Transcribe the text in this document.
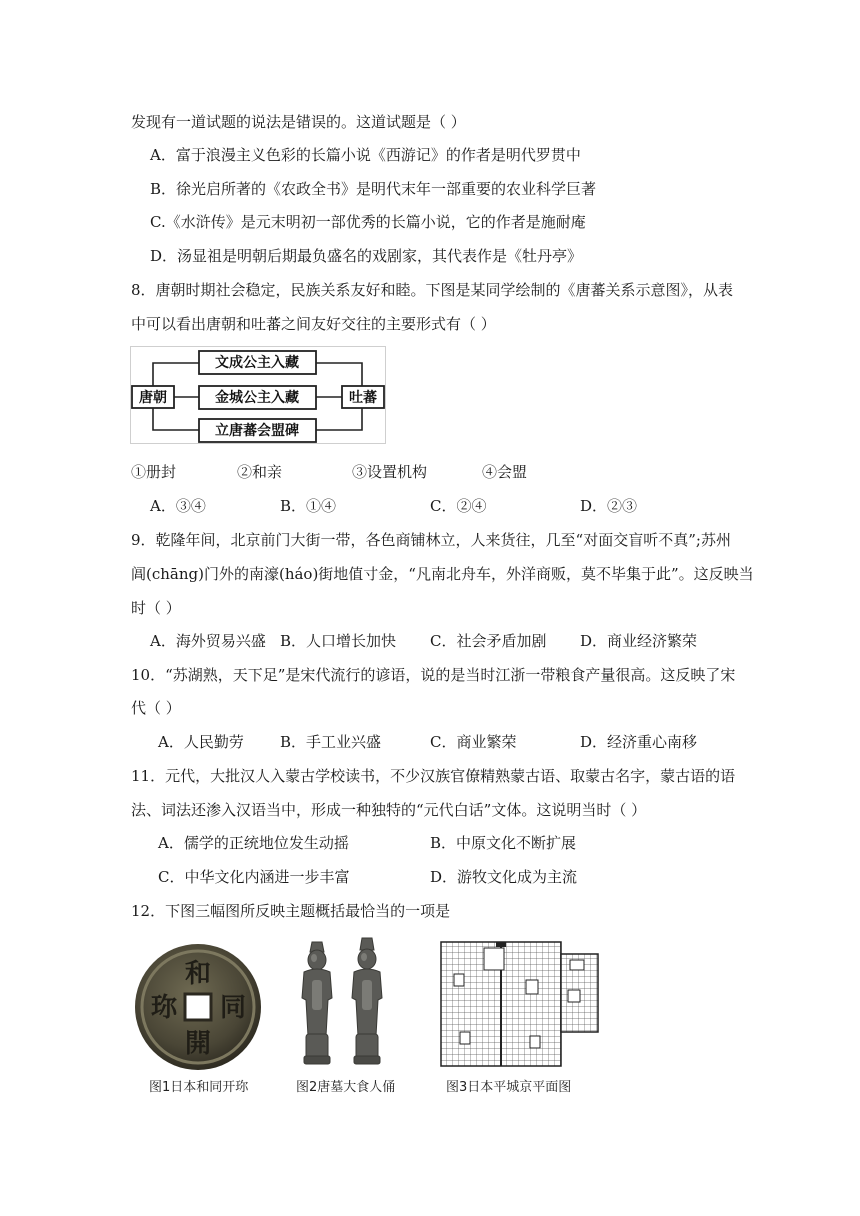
发现有一道试题的说法是错误的。这道试题是（ ）
A．富于浪漫主义色彩的长篇小说《西游记》的作者是明代罗贯中
B．徐光启所著的《农政全书》是明代末年一部重要的农业科学巨著
C.《水浒传》是元末明初一部优秀的长篇小说，它的作者是施耐庵
D．汤显祖是明朝后期最负盛名的戏剧家，其代表作是《牡丹亭》
8．唐朝时期社会稳定，民族关系友好和睦。下图是某同学绘制的《唐蕃关系示意图》，从表
中可以看出唐朝和吐蕃之间友好交往的主要形式有（ ）
唐朝	吐蕃
文成公主入藏
金城公主入藏
立唐蕃会盟碑
①册封	②和亲	③设置机构	④会盟
A．③④	B．①④	C．②④	D．②③
9．乾隆年间，北京前门大街一带，各色商铺林立，人来货往，几至“对面交盲听不真”;苏州
阊(chāng)门外的南濠(háo)街地值寸金，“凡南北舟车，外洋商贩，莫不毕集于此”。这反映当
时（ ）
A．海外贸易兴盛 B．人口增长加快 C．社会矛盾加剧 D．商业经济繁荣
10．“苏湖熟，天下足”是宋代流行的谚语，说的是当时江浙一带粮食产量很高。这反映了宋
代（ ）
A．人民勤劳 B．手工业兴盛	C．商业繁荣	D．经济重心南移
11．元代，大批汉人入蒙古学校读书，不少汉族官僚精熟蒙古语、取蒙古名字，蒙古语的语
法、词法还渗入汉语当中，形成一种独特的“元代白话”文体。这说明当时（ ）
A．儒学的正统地位发生动摇	B．中原文化不断扩展
C．中华文化内涵进一步丰富	D．游牧文化成为主流
12．下图三幅图所反映主题概括最恰当的一项是
和
同
珎
開
图1日本和同开珎	图2唐墓大食人俑	图3日本平城京平面图
